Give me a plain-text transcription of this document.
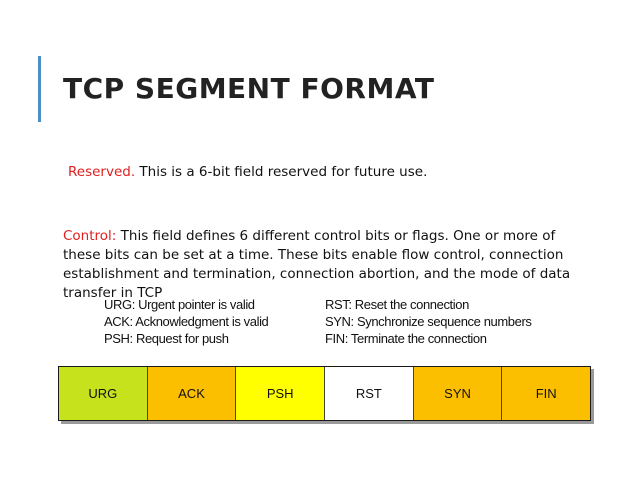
TCP SEGMENT FORMAT
Reserved. This is a 6-bit field reserved for future use.

Control: This field defines 6 different control bits or flags. One or more of these bits can be set at a time. These bits enable flow control, connection establishment and termination, connection abortion, and the mode of data transfer in TCP

URG: Urgent pointer is valid
ACK: Acknowledgment is valid
PSH: Request for push
RST: Reset the connection
SYN: Synchronize sequence numbers
FIN: Terminate the connection
URG	ACK	PSH	RST	SYN	FIN
